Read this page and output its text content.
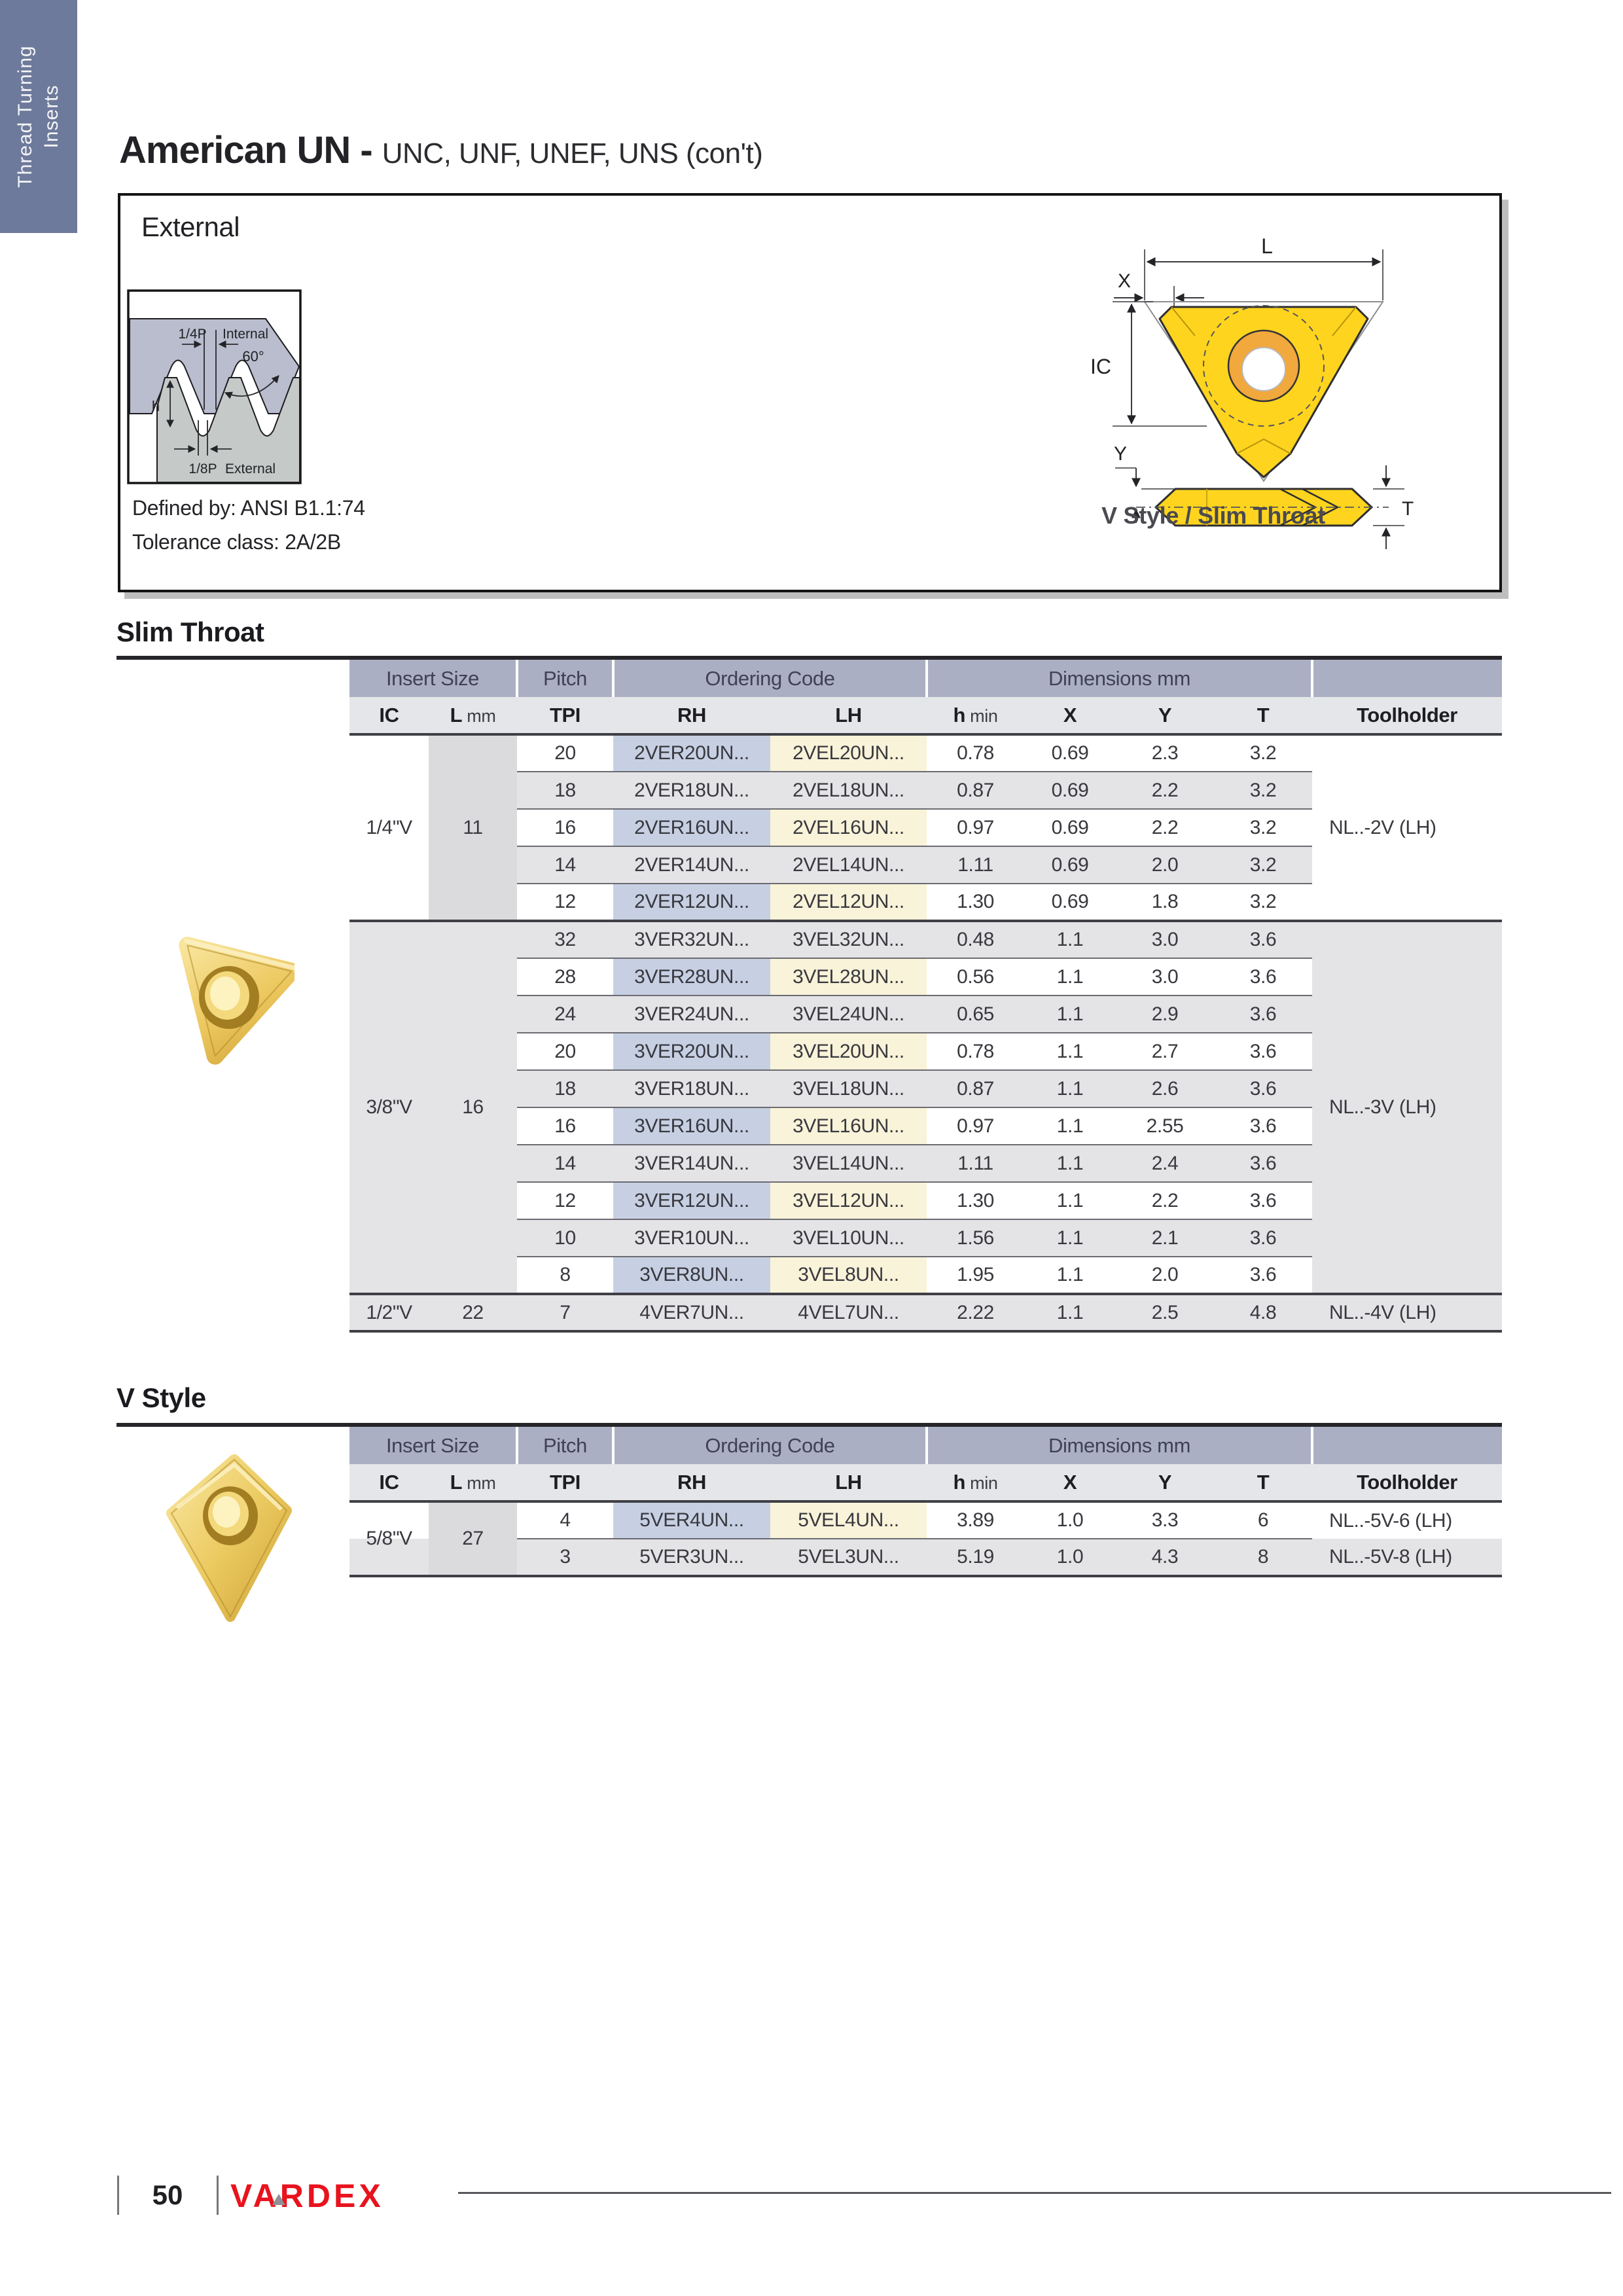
Thread Turning Inserts
American UN - UNC, UNF, UNEF, UNS (con't)
External
1/4P Internal
60°
h
1/8P External
Defined by: ANSI B1.1:74
Tolerance class: 2A/2B
L
X
IC
Y
T
V Style / Slim Throat
Slim Throat
Insert Size		Pitch	Ordering Code		Dimensions mm				
IC	L mm	TPI	RH	LH	h min	X	Y	T	Toolholder
1/4"V	11	20	2VER20UN...	2VEL20UN...	0.78	0.69	2.3	3.2	NL..-2V (LH)
		18	2VER18UN...	2VEL18UN...	0.87	0.69	2.2	3.2	
		16	2VER16UN...	2VEL16UN...	0.97	0.69	2.2	3.2	
		14	2VER14UN...	2VEL14UN...	1.11	0.69	2.0	3.2	
		12	2VER12UN...	2VEL12UN...	1.30	0.69	1.8	3.2	
3/8"V	16	32	3VER32UN...	3VEL32UN...	0.48	1.1	3.0	3.6	NL..-3V (LH)
		28	3VER28UN...	3VEL28UN...	0.56	1.1	3.0	3.6	
		24	3VER24UN...	3VEL24UN...	0.65	1.1	2.9	3.6	
		20	3VER20UN...	3VEL20UN...	0.78	1.1	2.7	3.6	
		18	3VER18UN...	3VEL18UN...	0.87	1.1	2.6	3.6	
		16	3VER16UN...	3VEL16UN...	0.97	1.1	2.55	3.6	
		14	3VER14UN...	3VEL14UN...	1.11	1.1	2.4	3.6	
		12	3VER12UN...	3VEL12UN...	1.30	1.1	2.2	3.6	
		10	3VER10UN...	3VEL10UN...	1.56	1.1	2.1	3.6	
		8	3VER8UN...	3VEL8UN...	1.95	1.1	2.0	3.6	
1/2"V	22	7	4VER7UN...	4VEL7UN...	2.22	1.1	2.5	4.8	NL..-4V (LH)
V Style
Insert Size		Pitch	Ordering Code		Dimensions mm				
IC	L mm	TPI	RH	LH	h min	X	Y	T	Toolholder
5/8"V	27	4	5VER4UN...	5VEL4UN...	3.89	1.0	3.3	6	NL..-5V-6 (LH)
		3	5VER3UN...	5VEL3UN...	5.19	1.0	4.3	8	NL..-5V-8 (LH)
50	VARDEX
